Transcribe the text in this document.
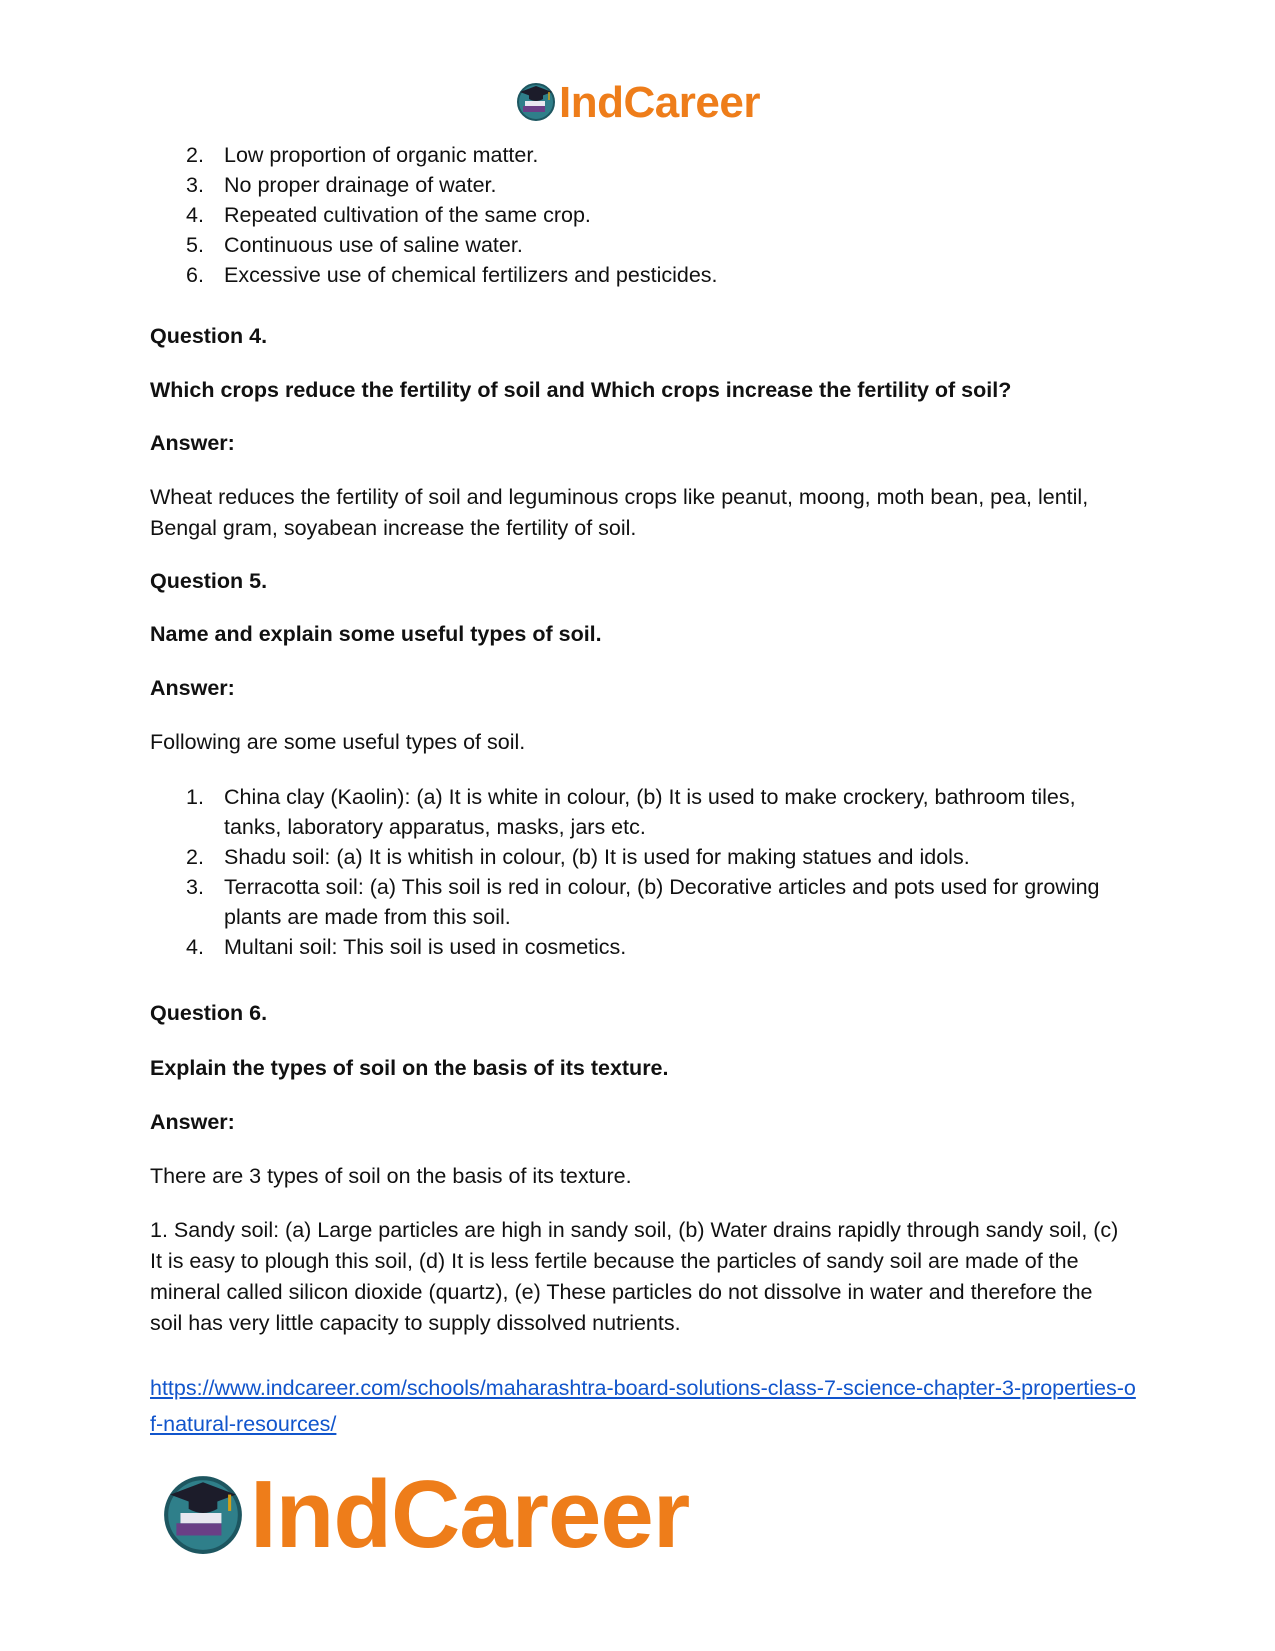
IndCareer
2. Low proportion of organic matter.
3. No proper drainage of water.
4. Repeated cultivation of the same crop.
5. Continuous use of saline water.
6. Excessive use of chemical fertilizers and pesticides.
Question 4.
Which crops reduce the fertility of soil and Which crops increase the fertility of soil?
Answer:
Wheat reduces the fertility of soil and leguminous crops like peanut, moong, moth bean, pea, lentil, Bengal gram, soyabean increase the fertility of soil.
Question 5.
Name and explain some useful types of soil.
Answer:
Following are some useful types of soil.
1. China clay (Kaolin): (a) It is white in colour, (b) It is used to make crockery, bathroom tiles, tanks, laboratory apparatus, masks, jars etc.
2. Shadu soil: (a) It is whitish in colour, (b) It is used for making statues and idols.
3. Terracotta soil: (a) This soil is red in colour, (b) Decorative articles and pots used for growing plants are made from this soil.
4. Multani soil: This soil is used in cosmetics.
Question 6.
Explain the types of soil on the basis of its texture.
Answer:
There are 3 types of soil on the basis of its texture.
1. Sandy soil: (a) Large particles are high in sandy soil, (b) Water drains rapidly through sandy soil, (c) It is easy to plough this soil, (d) It is less fertile because the particles of sandy soil are made of the mineral called silicon dioxide (quartz), (e) These particles do not dissolve in water and therefore the soil has very little capacity to supply dissolved nutrients.
https://www.indcareer.com/schools/maharashtra-board-solutions-class-7-science-chapter-3-properties-of-natural-resources/
IndCareer
